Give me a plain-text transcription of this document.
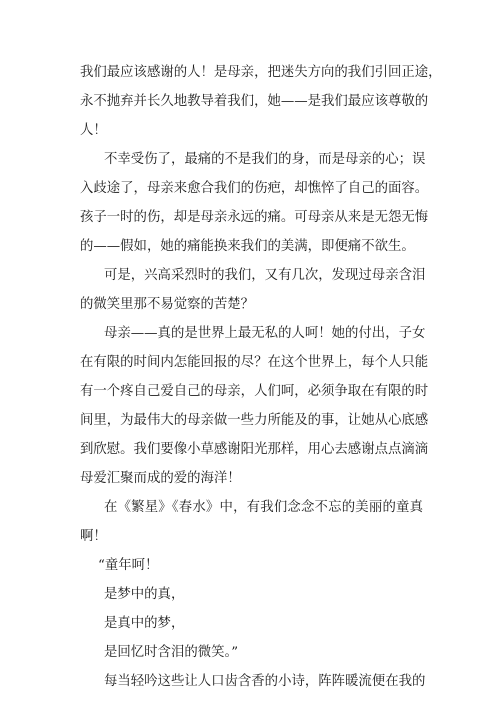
我们最应该感谢的人！是母亲，把迷失方向的我们引回正途，
永不抛弃并长久地教导着我们，她——是我们最应该尊敬的
人！
不幸受伤了，最痛的不是我们的身，而是母亲的心；误
入歧途了，母亲来愈合我们的伤疤，却憔悴了自己的面容。
孩子一时的伤，却是母亲永远的痛。可母亲从来是无怨无悔
的——假如，她的痛能换来我们的美满，即便痛不欲生。
可是，兴高采烈时的我们，又有几次，发现过母亲含泪
的微笑里那不易觉察的苦楚？
母亲——真的是世界上最无私的人呵！她的付出，子女
在有限的时间内怎能回报的尽？在这个世界上，每个人只能
有一个疼自己爱自己的母亲，人们呵，必须争取在有限的时
间里，为最伟大的母亲做一些力所能及的事，让她从心底感
到欣慰。我们要像小草感谢阳光那样，用心去感谢点点滴滴
母爱汇聚而成的爱的海洋！
在《繁星》《春水》中，有我们念念不忘的美丽的童真
啊！
“童年呵！
是梦中的真，
是真中的梦，
是回忆时含泪的微笑。”
每当轻吟这些让人口齿含香的小诗，阵阵暖流便在我的
